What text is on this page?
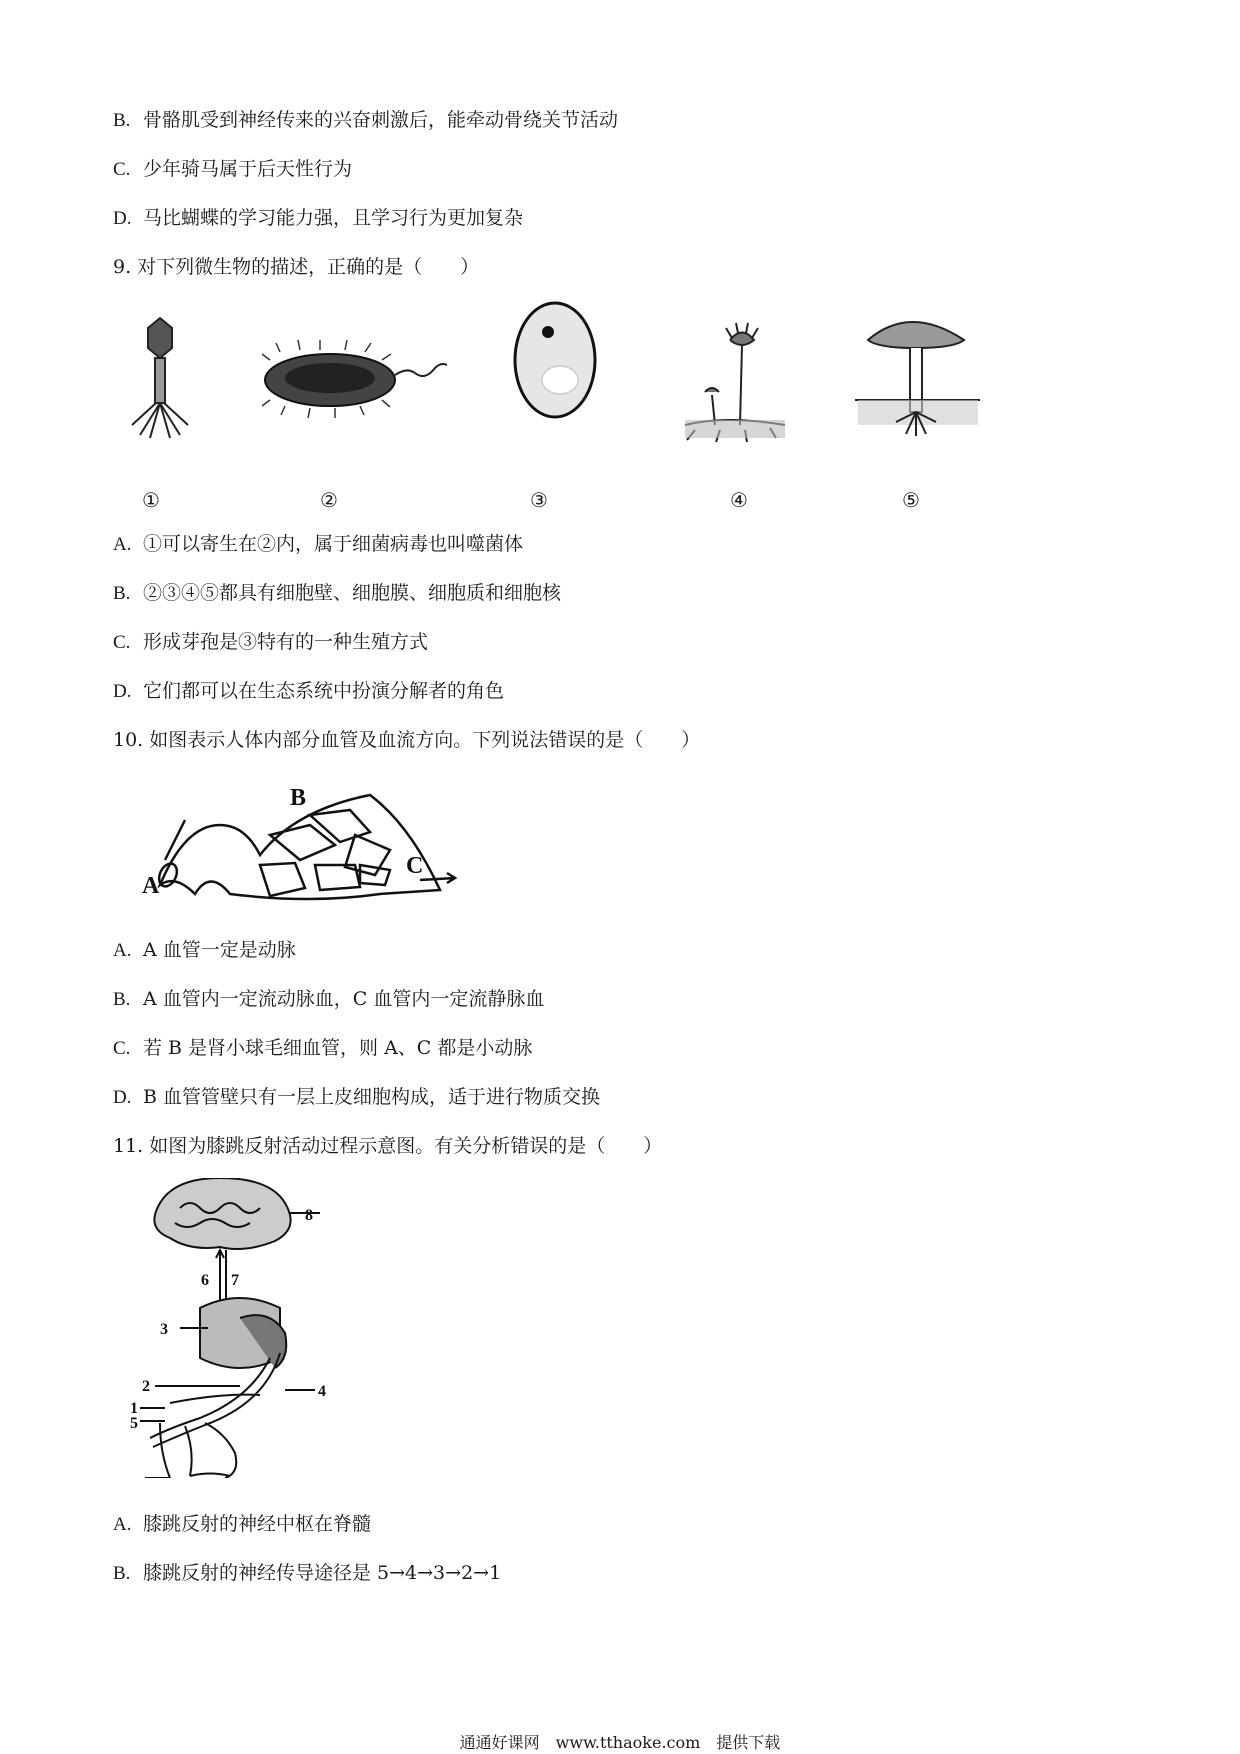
B. 骨骼肌受到神经传来的兴奋刺激后，能牵动骨绕关节活动
C. 少年骑马属于后天性行为
D. 马比蝴蝶的学习能力强，且学习行为更加复杂
9. 对下列微生物的描述，正确的是（　　）
①	②	③	④	⑤
A. ①可以寄生在②内，属于细菌病毒也叫噬菌体
B. ②③④⑤都具有细胞壁、细胞膜、细胞质和细胞核
C. 形成芽孢是③特有的一种生殖方式
D. 它们都可以在生态系统中扮演分解者的角色
10. 如图表示人体内部分血管及血流方向。下列说法错误的是（　　）
A
B
C
A. A 血管一定是动脉
B. A 血管内一定流动脉血，C 血管内一定流静脉血
C. 若 B 是肾小球毛细血管，则 A、C 都是小动脉
D. B 血管管壁只有一层上皮细胞构成，适于进行物质交换
11. 如图为膝跳反射活动过程示意图。有关分析错误的是（　　）
8
6 7
3
4
2
1
5
A. 膝跳反射的神经中枢在脊髓
B. 膝跳反射的神经传导途径是 5→4→3→2→1
通通好课网　www.tthaoke.com　提供下载
